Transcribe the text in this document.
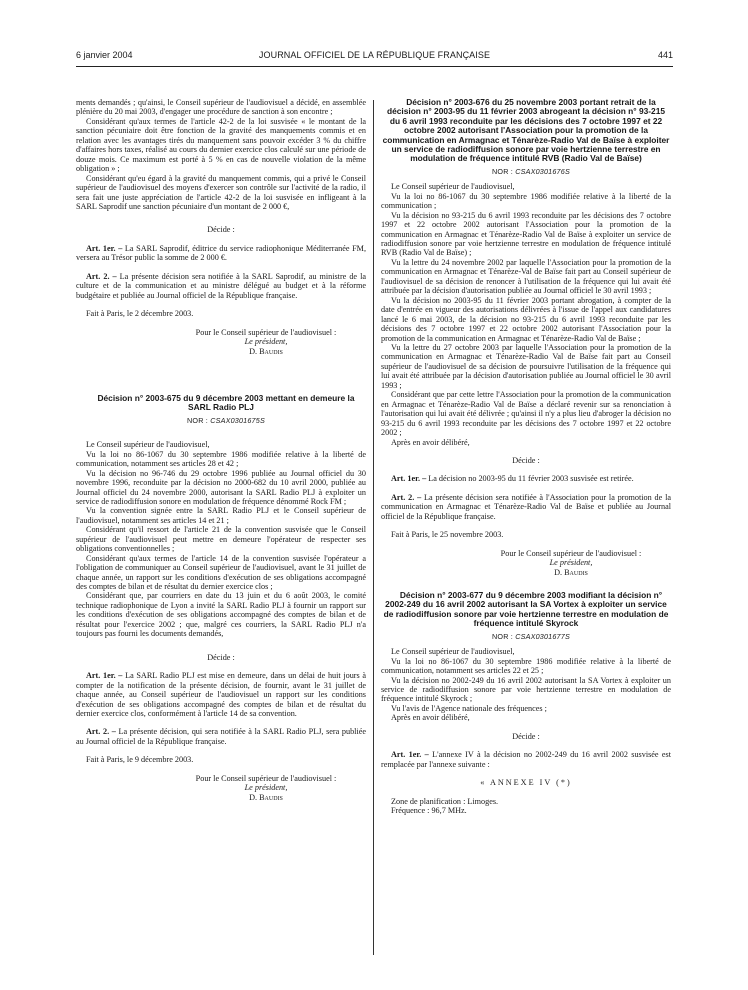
6 janvier 2004	JOURNAL OFFICIEL DE LA RÉPUBLIQUE FRANÇAISE	441

ments demandés ; qu'ainsi, le Conseil supérieur de l'audiovisuel a décidé, en assemblée plénière du 20 mai 2003, d'engager une procédure de sanction à son encontre ;

Considérant qu'aux termes de l'article 42-2 de la loi susvisée « le montant de la sanction pécuniaire doit être fonction de la gravité des manquements commis et en relation avec les avantages tirés du manquement sans pouvoir excéder 3 % du chiffre d'affaires hors taxes, réalisé au cours du dernier exercice clos calculé sur une période de douze mois. Ce maximum est porté à 5 % en cas de nouvelle violation de la même obligation » ;

Considérant qu'eu égard à la gravité du manquement commis, qui a privé le Conseil supérieur de l'audiovisuel des moyens d'exercer son contrôle sur l'activité de la radio, il sera fait une juste appréciation de l'article 42-2 de la loi susvisée en infligeant à la SARL Saprodif une sanction pécuniaire d'un montant de 2 000 €,

Décide :

Art. 1er. – La SARL Saprodif, éditrice du service radiophonique Méditerranée FM, versera au Trésor public la somme de 2 000 €.

Art. 2. – La présente décision sera notifiée à la SARL Saprodif, au ministre de la culture et de la communication et au ministre délégué au budget et à la réforme budgétaire et publiée au Journal officiel de la République française.

Fait à Paris, le 2 décembre 2003.

Pour le Conseil supérieur de l'audiovisuel :

Le président,

D. Baudis

Décision n° 2003-675 du 9 décembre 2003 mettant en demeure la SARL Radio PLJ

NOR : CSAX0301675S

Le Conseil supérieur de l'audiovisuel,

Vu la loi no 86-1067 du 30 septembre 1986 modifiée relative à la liberté de communication, notamment ses articles 28 et 42 ;

Vu la décision no 96-746 du 29 octobre 1996 publiée au Journal officiel du 30 novembre 1996, reconduite par la décision no 2000-682 du 10 avril 2000, publiée au Journal officiel du 24 novembre 2000, autorisant la SARL Radio PLJ à exploiter un service de radiodiffusion sonore en modulation de fréquence dénommé Rock FM ;

Vu la convention signée entre la SARL Radio PLJ et le Conseil supérieur de l'audiovisuel, notamment ses articles 14 et 21 ;

Considérant qu'il ressort de l'article 21 de la convention susvisée que le Conseil supérieur de l'audiovisuel peut mettre en demeure l'opérateur de respecter ses obligations conventionnelles ;

Considérant qu'aux termes de l'article 14 de la convention susvisée l'opérateur a l'obligation de communiquer au Conseil supérieur de l'audiovisuel, avant le 31 juillet de chaque année, un rapport sur les conditions d'exécution de ses obligations accompagné des comptes de bilan et de résultat du dernier exercice clos ;

Considérant que, par courriers en date du 13 juin et du 6 août 2003, le comité technique radiophonique de Lyon a invité la SARL Radio PLJ à fournir un rapport sur les conditions d'exécution de ses obligations accompagné des comptes de bilan et de résultat pour l'exercice 2002 ; que, malgré ces courriers, la SARL Radio PLJ n'a toujours pas fourni les documents demandés,

Décide :

Art. 1er. – La SARL Radio PLJ est mise en demeure, dans un délai de huit jours à compter de la notification de la présente décision, de fournir, avant le 31 juillet de chaque année, au Conseil supérieur de l'audiovisuel un rapport sur les conditions d'exécution de ses obligations accompagné des comptes de bilan et de résultat du dernier exercice clos, conformément à l'article 14 de sa convention.

Art. 2. – La présente décision, qui sera notifiée à la SARL Radio PLJ, sera publiée au Journal officiel de la République française.

Fait à Paris, le 9 décembre 2003.

Pour le Conseil supérieur de l'audiovisuel :

Le président,

D. Baudis

Décision n° 2003-676 du 25 novembre 2003 portant retrait de la décision n° 2003-95 du 11 février 2003 abrogeant la décision n° 93-215 du 6 avril 1993 reconduite par les décisions des 7 octobre 1997 et 22 octobre 2002 autorisant l'Association pour la promotion de la communication en Armagnac et Ténarèze-Radio Val de Baïse à exploiter un service de radiodiffusion sonore par voie hertzienne terrestre en modulation de fréquence intitulé RVB (Radio Val de Baïse)

NOR : CSAX0301676S

Le Conseil supérieur de l'audiovisuel,

Vu la loi no 86-1067 du 30 septembre 1986 modifiée relative à la liberté de la communication ;

Vu la décision no 93-215 du 6 avril 1993 reconduite par les décisions des 7 octobre 1997 et 22 octobre 2002 autorisant l'Association pour la promotion de la communication en Armagnac et Ténarèze-Radio Val de Baïse à exploiter un service de radiodiffusion sonore par voie hertzienne terrestre en modulation de fréquence intitulé RVB (Radio Val de Baïse) ;

Vu la lettre du 24 novembre 2002 par laquelle l'Association pour la promotion de la communication en Armagnac et Ténarèze-Val de Baïse fait part au Conseil supérieur de l'audiovisuel de sa décision de renoncer à l'utilisation de la fréquence qui lui avait été attribuée par la décision d'autorisation publiée au Journal officiel le 30 avril 1993 ;

Vu la décision no 2003-95 du 11 février 2003 portant abrogation, à compter de la date d'entrée en vigueur des autorisations délivrées à l'issue de l'appel aux candidatures lancé le 6 mai 2003, de la décision no 93-215 du 6 avril 1993 reconduite par les décisions des 7 octobre 1997 et 22 octobre 2002 autorisant l'Association pour la promotion de la communication en Armagnac et Ténarèze-Radio Val de Baïse ;

Vu la lettre du 27 octobre 2003 par laquelle l'Association pour la promotion de la communication en Armagnac et Ténarèze-Radio Val de Baïse fait part au Conseil supérieur de l'audiovisuel de sa décision de poursuivre l'utilisation de la fréquence qui lui avait été attribuée par la décision d'autorisation publiée au Journal officiel le 30 avril 1993 ;

Considérant que par cette lettre l'Association pour la promotion de la communication en Armagnac et Ténarèze-Radio Val de Baïse a déclaré revenir sur sa renonciation à l'autorisation qui lui avait été délivrée ; qu'ainsi il n'y a plus lieu d'abroger la décision no 93-215 du 6 avril 1993 reconduite par les décisions des 7 octobre 1997 et 22 octobre 2002 ;

Après en avoir délibéré,

Décide :

Art. 1er. – La décision no 2003-95 du 11 février 2003 susvisée est retirée.

Art. 2. – La présente décision sera notifiée à l'Association pour la promotion de la communication en Armagnac et Ténarèze-Radio Val de Baïse et publiée au Journal officiel de la République française.

Fait à Paris, le 25 novembre 2003.

Pour le Conseil supérieur de l'audiovisuel :

Le président,

D. Baudis

Décision n° 2003-677 du 9 décembre 2003 modifiant la décision n° 2002-249 du 16 avril 2002 autorisant la SA Vortex à exploiter un service de radiodiffusion sonore par voie hertzienne terrestre en modulation de fréquence intitulé Skyrock

NOR : CSAX0301677S

Le Conseil supérieur de l'audiovisuel,

Vu la loi no 86-1067 du 30 septembre 1986 modifiée relative à la liberté de communication, notamment ses articles 22 et 25 ;

Vu la décision no 2002-249 du 16 avril 2002 autorisant la SA Vortex à exploiter un service de radiodiffusion sonore par voie hertzienne terrestre en modulation de fréquence intitulé Skyrock ;

Vu l'avis de l'Agence nationale des fréquences ;

Après en avoir délibéré,

Décide :

Art. 1er. – L'annexe IV à la décision no 2002-249 du 16 avril 2002 susvisée est remplacée par l'annexe suivante :

« ANNEXE IV (*)

Zone de planification : Limoges.

Fréquence : 96,7 MHz.
